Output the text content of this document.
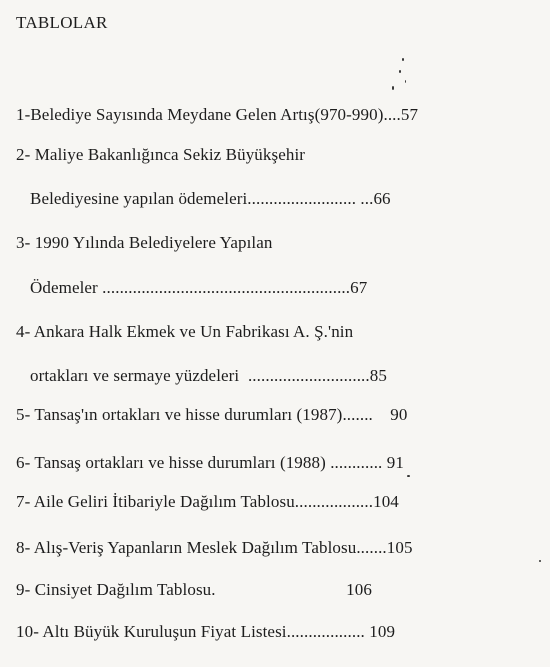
TABLOLAR
1-Belediye Sayısında Meydane Gelen Artış(970-990)....57
2- Maliye Bakanlığınca Sekiz Büyükşehir
Belediyesine yapılan ödemeleri......................... ...66
3- 1990 Yılında Belediyelere Yapılan
Ödemeler .........................................................67
4- Ankara Halk Ekmek ve Un Fabrikası A. Ş.'nin
ortakları ve sermaye yüzdeleri  ............................85
5- Tansaş'ın ortakları ve hisse durumları (1987).......    90
6- Tansaş ortakları ve hisse durumları (1988) ............ 91
7- Aile Geliri İtibariyle Dağılım Tablosu..................104
8- Alış-Veriş Yapanların Meslek Dağılım Tablosu.......105
9- Cinsiyet Dağılım Tablosu.                              106
10- Altı Büyük Kuruluşun Fiyat Listesi.................. 109
